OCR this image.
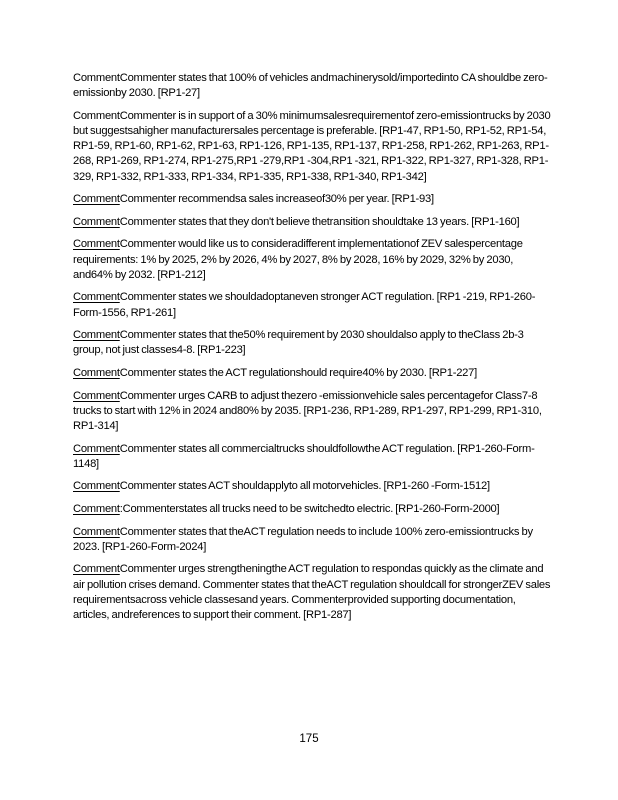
CommentCommenter states that 100% of vehicles andmachinerysold/importedinto CA shouldbe zero-emissionby 2030. [RP1-27]

CommentCommenter is in support of a 30% minimumsalesrequirementof zero-emissiontrucks by 2030 but suggestsahigher manufacturersales percentage is preferable. [RP1-47, RP1-50, RP1-52, RP1-54, RP1-59, RP1-60, RP1-62, RP1-63, RP1-126, RP1-135, RP1-137, RP1-258, RP1-262, RP1-263, RP1-268, RP1-269, RP1-274, RP1-275,RP1 -279,RP1 -304,RP1 -321, RP1-322, RP1-327, RP1-328, RP1-329, RP1-332, RP1-333, RP1-334, RP1-335, RP1-338, RP1-340, RP1-342]

CommentCommenter recommendsa sales increaseof30% per year. [RP1-93]

CommentCommenter states that they don't believe thetransition shouldtake 13 years. [RP1-160]

CommentCommenter would like us to consideradifferent implementationof ZEV salespercentage requirements: 1% by 2025, 2% by 2026, 4% by 2027, 8% by 2028, 16% by 2029, 32% by 2030, and64% by 2032. [RP1-212]

CommentCommenter states we shouldadoptaneven stronger ACT regulation. [RP1 -219, RP1-260-Form-1556, RP1-261]

CommentCommenter states that the50% requirement by 2030 shouldalso apply to theClass 2b-3 group, not just classes4-8. [RP1-223]

CommentCommenter states the ACT regulationshould require40% by 2030. [RP1-227]

CommentCommenter urges CARB to adjust thezero -emissionvehicle sales percentagefor Class7-8 trucks to start with 12% in 2024 and80% by 2035. [RP1-236, RP1-289, RP1-297, RP1-299, RP1-310, RP1-314]

CommentCommenter states all commercialtrucks shouldfollowthe ACT regulation. [RP1-260-Form-1148]

CommentCommenter states ACT shouldapplyto all motorvehicles. [RP1-260 -Form-1512]

Comment:Commenterstates all trucks need to be switchedto electric. [RP1-260-Form-2000]

CommentCommenter states that theACT regulation needs to include 100% zero-emissiontrucks by 2023. [RP1-260-Form-2024]

CommentCommenter urges strengtheningthe ACT regulation to respondas quickly as the climate and air pollution crises demand. Commenter states that theACT regulation shouldcall for strongerZEV sales requirementsacross vehicle classesand years. Commenterprovided supporting documentation, articles, andreferences to support their comment. [RP1-287]

175
